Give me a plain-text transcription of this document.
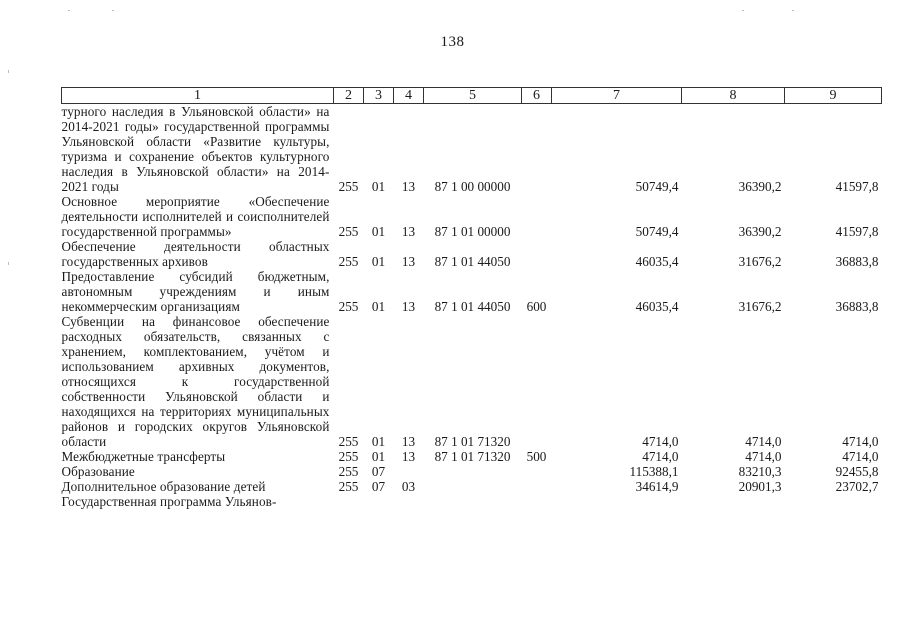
138
1	2	3	4	5	6	7	8	9
турного наследия в Ульяновской области» на 2014-2021 годы» государственной программы Ульяновской области «Развитие культуры, туризма и сохранение объектов культурного наследия в Ульяновской области» на 2014-2021 годы	255	01	13	87 1 00 00000		50749,4	36390,2	41597,8
Основное мероприятие «Обеспечение деятельности исполнителей и соисполнителей государственной программы»	255	01	13	87 1 01 00000		50749,4	36390,2	41597,8
Обеспечение деятельности областных государственных архивов	255	01	13	87 1 01 44050		46035,4	31676,2	36883,8
Предоставление субсидий бюджетным, автономным учреждениям и иным некоммерческим организациям	255	01	13	87 1 01 44050	600	46035,4	31676,2	36883,8
Субвенции на финансовое обеспечение расходных обязательств, связанных с хранением, комплектованием, учётом и использованием архивных документов, относящихся к государственной собственности Ульяновской области и находящихся на территориях муниципальных районов и городских округов Ульяновской области	255	01	13	87 1 01 71320		4714,0	4714,0	4714,0
Межбюджетные трансферты	255	01	13	87 1 01 71320	500	4714,0	4714,0	4714,0
Образование	255	07				115388,1	83210,3	92455,8
Дополнительное образование детей	255	07	03			34614,9	20901,3	23702,7
Государственная программа Ульянов-								
